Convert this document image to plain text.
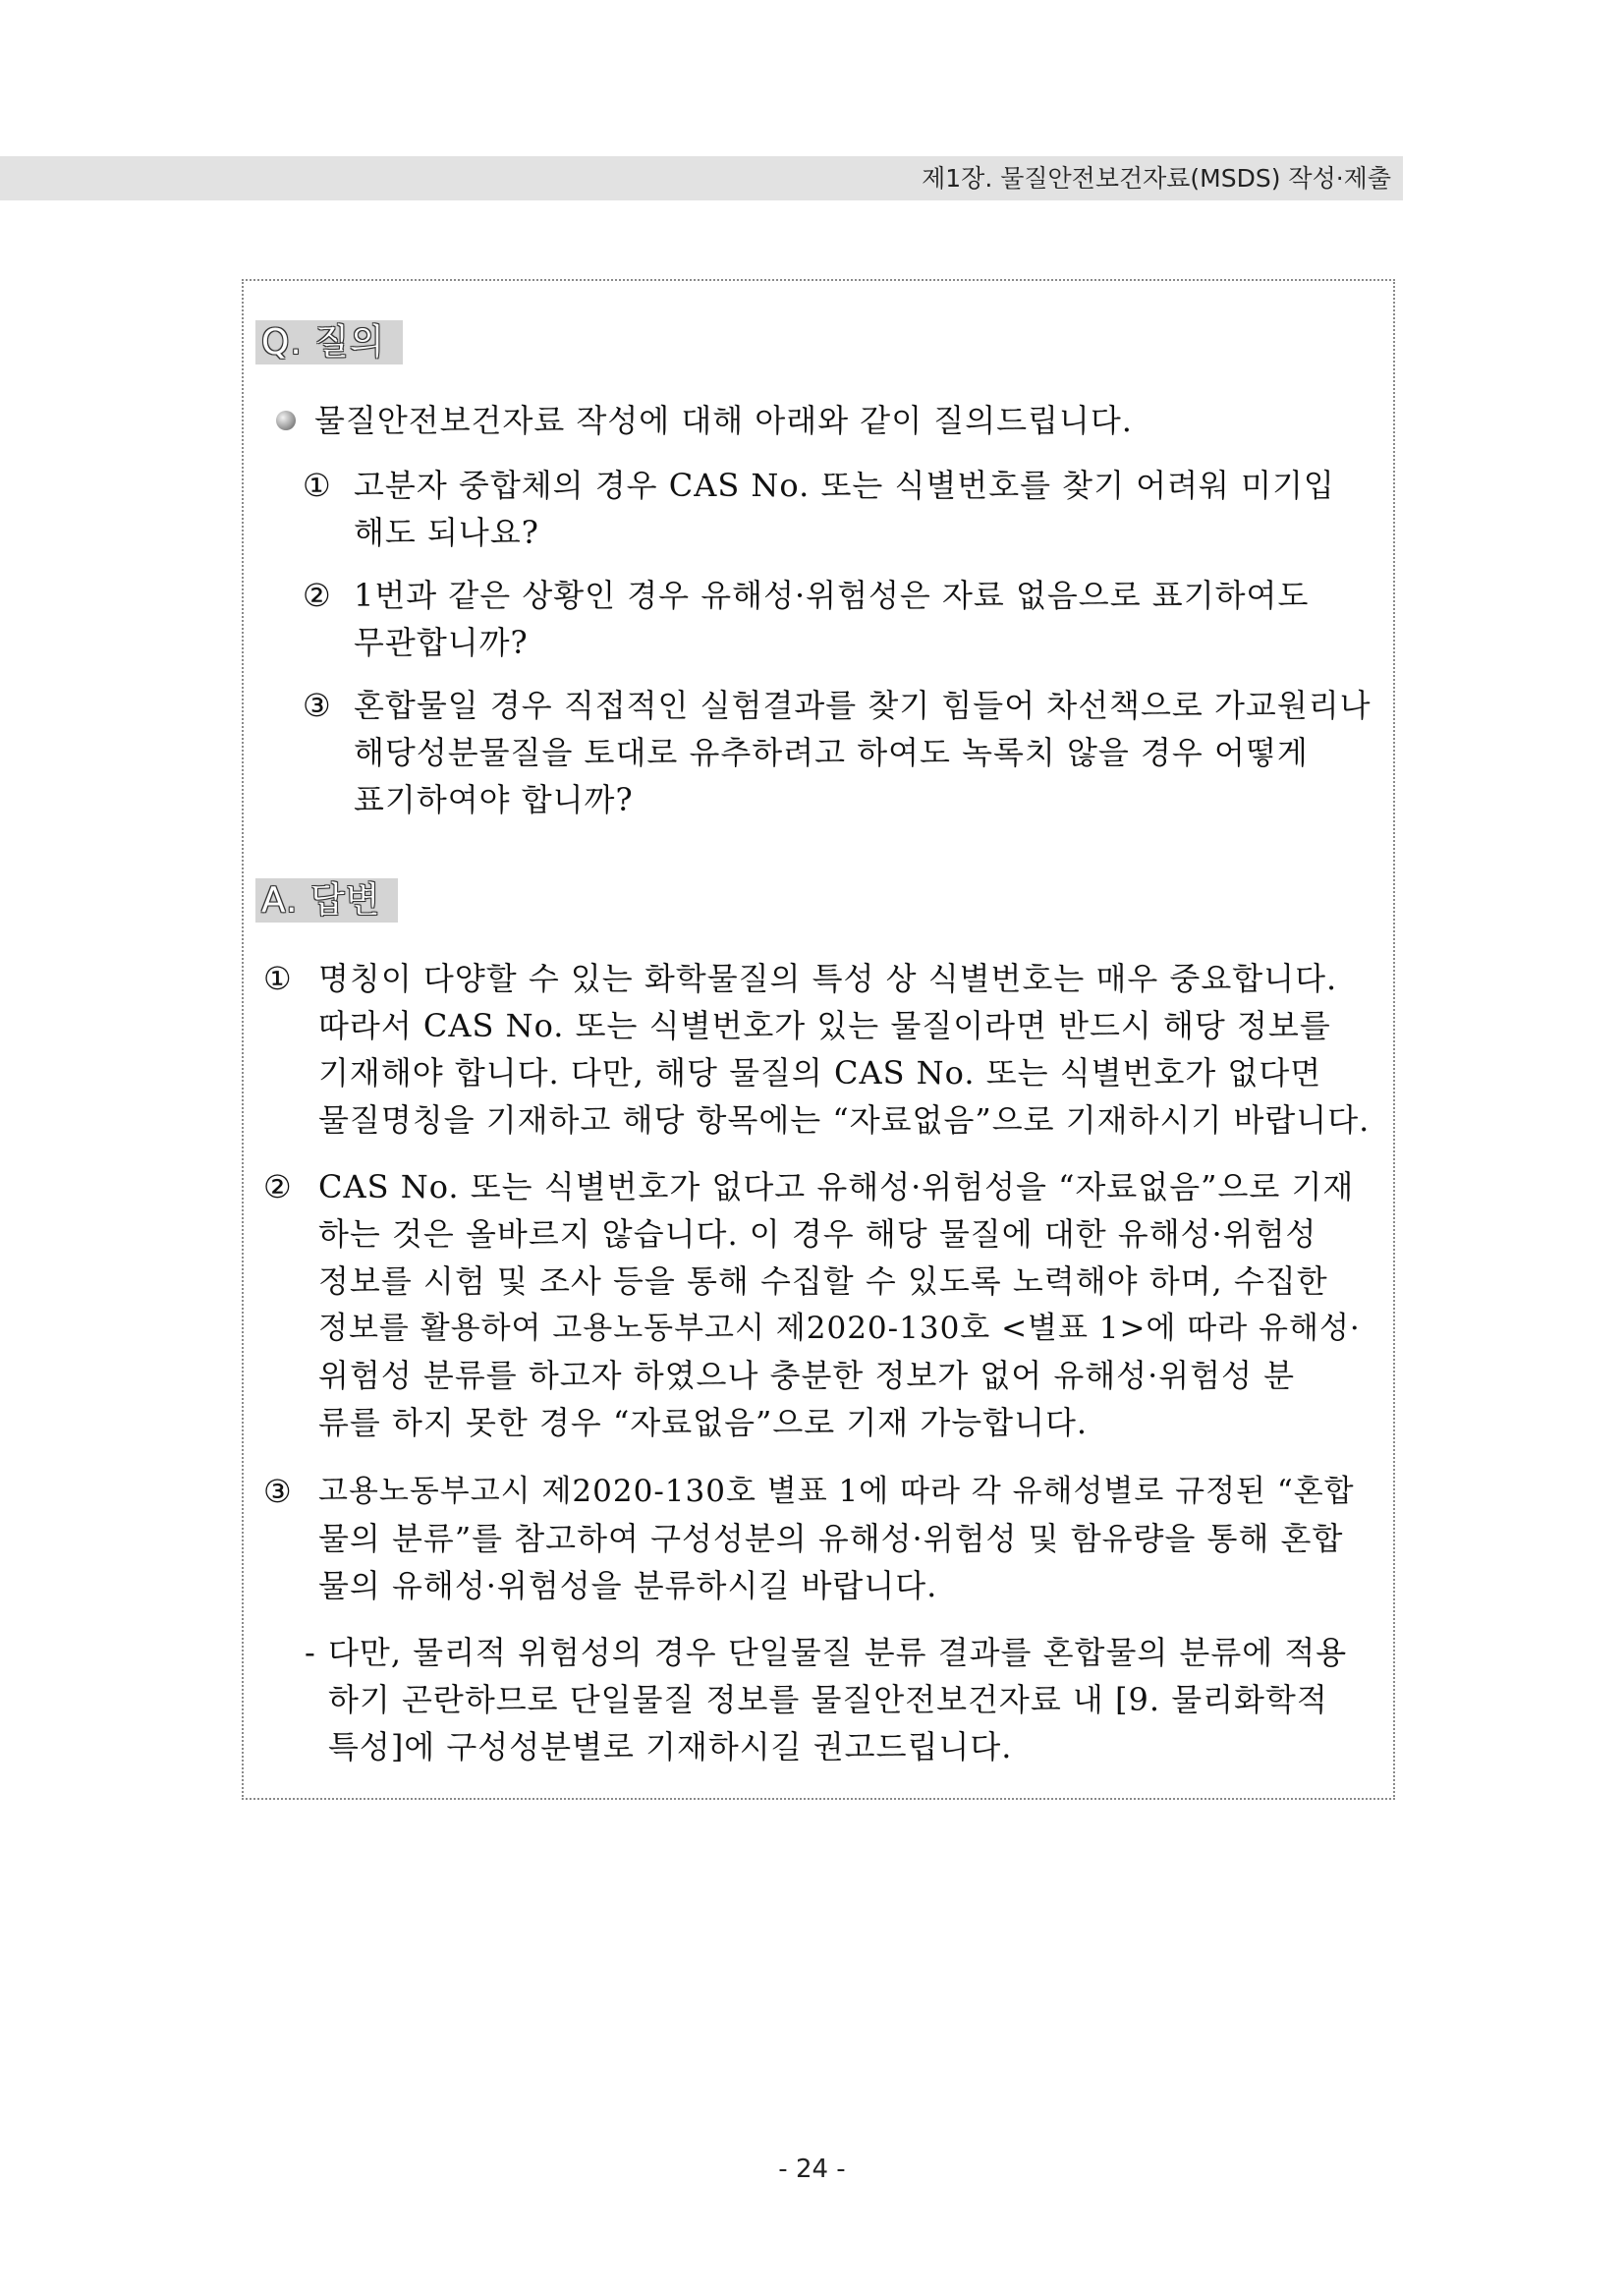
제1장. 물질안전보건자료(MSDS) 작성·제출
Q. 질의
물질안전보건자료 작성에 대해 아래와 같이 질의드립니다.
① 고분자 중합체의 경우 CAS No. 또는 식별번호를 찾기 어려워 미기입
해도 되나요?
② 1번과 같은 상황인 경우 유해성·위험성은 자료 없음으로 표기하여도
무관합니까?
③ 혼합물일 경우 직접적인 실험결과를 찾기 힘들어 차선책으로 가교원리나
해당성분물질을 토대로 유추하려고 하여도 녹록치 않을 경우 어떻게
표기하여야 합니까?
A. 답변
① 명칭이 다양할 수 있는 화학물질의 특성 상 식별번호는 매우 중요합니다.
따라서 CAS No. 또는 식별번호가 있는 물질이라면 반드시 해당 정보를
기재해야 합니다. 다만, 해당 물질의 CAS No. 또는 식별번호가 없다면
물질명칭을 기재하고 해당 항목에는 “자료없음”으로 기재하시기 바랍니다.
② CAS No. 또는 식별번호가 없다고 유해성·위험성을 “자료없음”으로 기재
하는 것은 올바르지 않습니다. 이 경우 해당 물질에 대한 유해성·위험성
정보를 시험 및 조사 등을 통해 수집할 수 있도록 노력해야 하며, 수집한
정보를 활용하여 고용노동부고시 제2020-130호 <별표 1>에 따라 유해성·
위험성 분류를 하고자 하였으나 충분한 정보가 없어 유해성·위험성 분
류를 하지 못한 경우 “자료없음”으로 기재 가능합니다.
③ 고용노동부고시 제2020-130호 별표 1에 따라 각 유해성별로 규정된 “혼합
물의 분류”를 참고하여 구성성분의 유해성·위험성 및 함유량을 통해 혼합
물의 유해성·위험성을 분류하시길 바랍니다.
- 다만, 물리적 위험성의 경우 단일물질 분류 결과를 혼합물의 분류에 적용
하기 곤란하므로 단일물질 정보를 물질안전보건자료 내 [9. 물리화학적
특성]에 구성성분별로 기재하시길 권고드립니다.
- 24 -
